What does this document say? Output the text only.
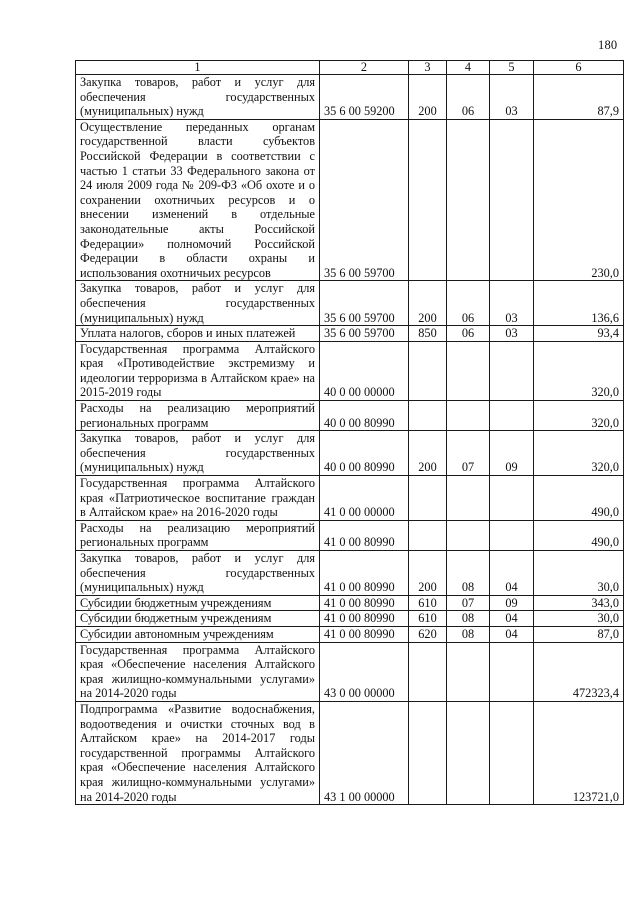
180
1	2	3	4	5	6
Закупка товаров, работ и услуг для обеспечения государственных (муниципальных) нужд	35 6 00 59200	200	06	03	87,9
Осуществление переданных органам государственной власти субъектов Российской Федерации в соответствии с частью 1 статьи 33 Федерального закона от 24 июля 2009 года № 209-ФЗ «Об охоте и о сохранении охотничьих ресурсов и о внесении изменений в отдельные законодательные акты Российской Федерации» полномочий Российской Федерации в области охраны и использования охотничьих ресурсов	35 6 00 59700				230,0
Закупка товаров, работ и услуг для обеспечения государственных (муниципальных) нужд	35 6 00 59700	200	06	03	136,6
Уплата налогов, сборов и иных платежей	35 6 00 59700	850	06	03	93,4
Государственная программа Алтайского края «Противодействие экстремизму и идеологии терроризма в Алтайском крае» на 2015-2019 годы	40 0 00 00000				320,0
Расходы на реализацию мероприятий региональных программ	40 0 00 80990				320,0
Закупка товаров, работ и услуг для обеспечения государственных (муниципальных) нужд	40 0 00 80990	200	07	09	320,0
Государственная программа Алтайского края «Патриотическое воспитание граждан в Алтайском крае» на 2016-2020 годы	41 0 00 00000				490,0
Расходы на реализацию мероприятий региональных программ	41 0 00 80990				490,0
Закупка товаров, работ и услуг для обеспечения государственных (муниципальных) нужд	41 0 00 80990	200	08	04	30,0
Субсидии бюджетным учреждениям	41 0 00 80990	610	07	09	343,0
Субсидии бюджетным учреждениям	41 0 00 80990	610	08	04	30,0
Субсидии автономным учреждениям	41 0 00 80990	620	08	04	87,0
Государственная программа Алтайского края «Обеспечение населения Алтайского края жилищно-коммунальными услугами» на 2014-2020 годы	43 0 00 00000				472323,4
Подпрограмма «Развитие водоснабжения, водоотведения и очистки сточных вод в Алтайском крае» на 2014-2017 годы государственной программы Алтайского края «Обеспечение населения Алтайского края жилищно-коммунальными услугами» на 2014-2020 годы	43 1 00 00000				123721,0
